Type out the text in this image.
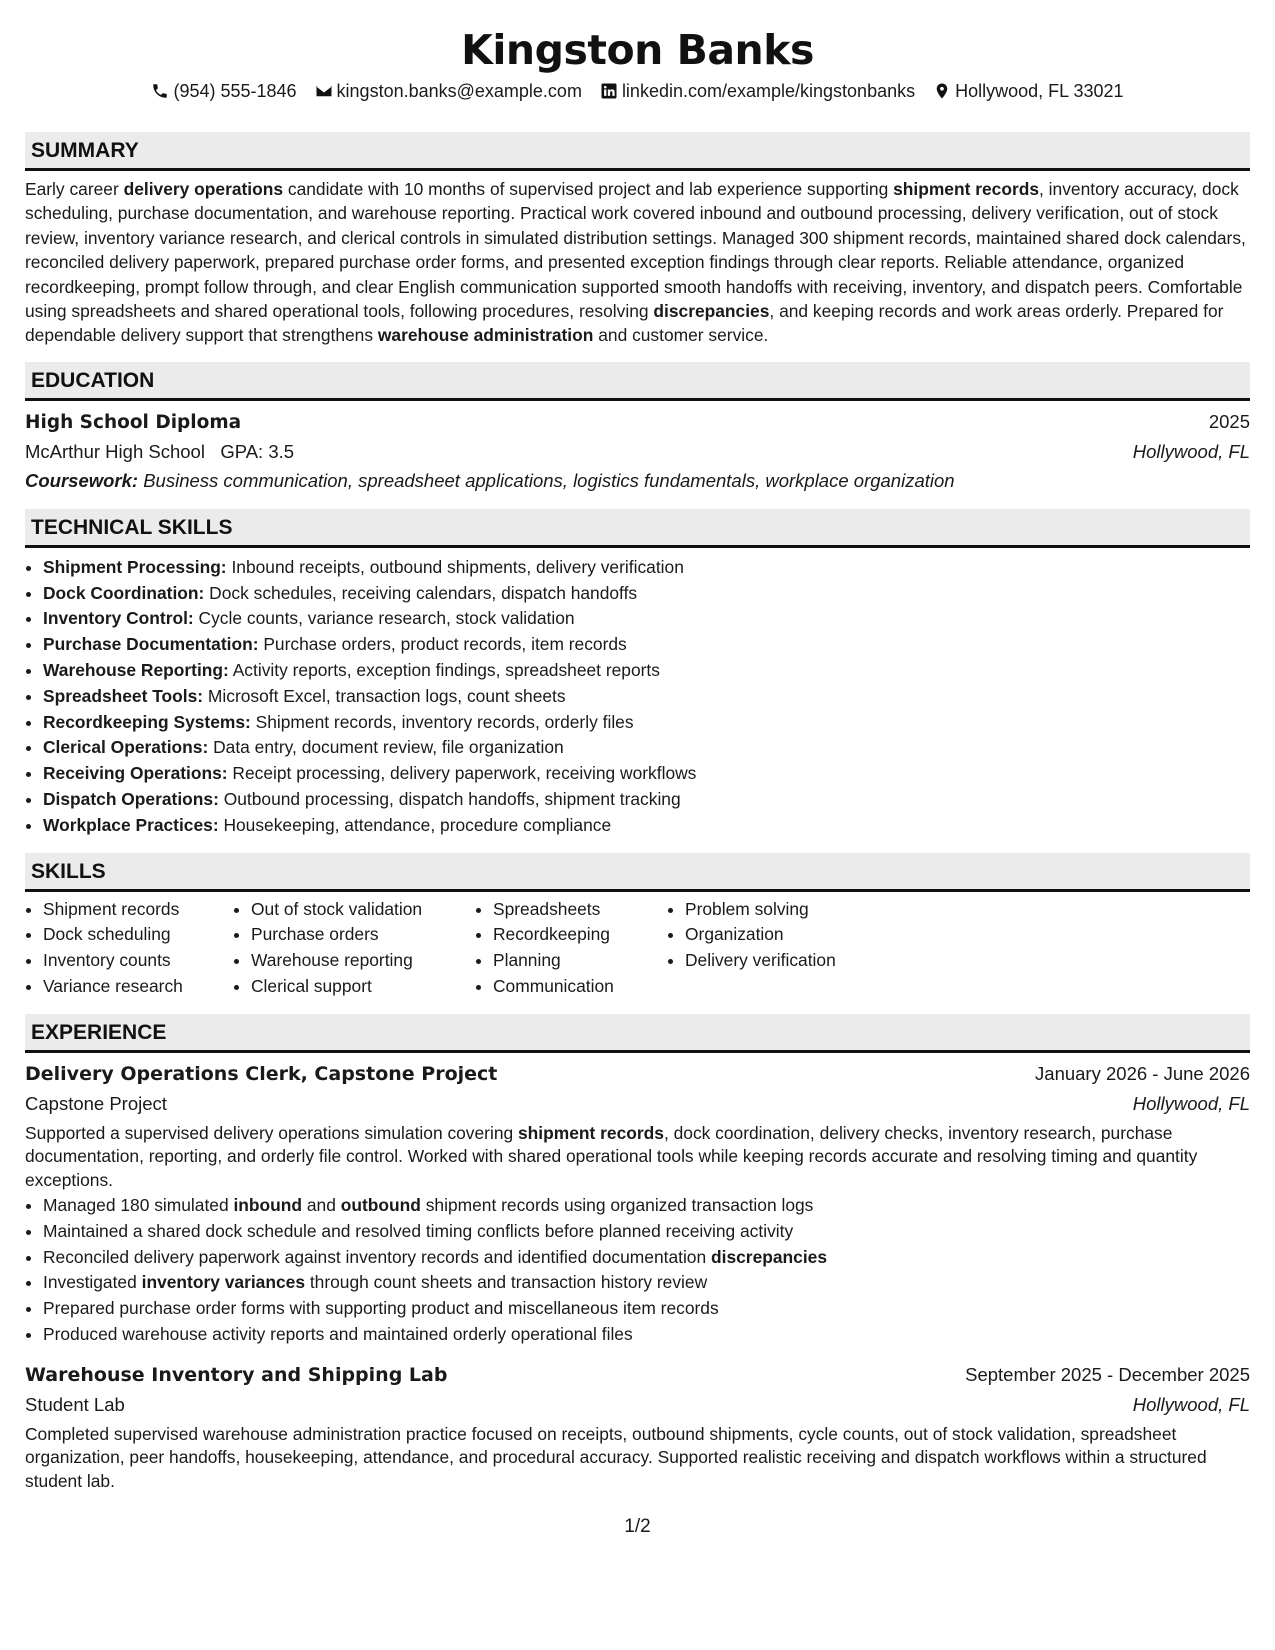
Kingston Banks
(954) 555-1846 kingston.banks@example.com linkedin.com/example/kingstonbanks Hollywood, FL 33021
SUMMARY
Early career delivery operations candidate with 10 months of supervised project and lab experience supporting shipment records, inventory accuracy, dock scheduling, purchase documentation, and warehouse reporting. Practical work covered inbound and outbound processing, delivery verification, out of stock review, inventory variance research, and clerical controls in simulated distribution settings. Managed 300 shipment records, maintained shared dock calendars, reconciled delivery paperwork, prepared purchase order forms, and presented exception findings through clear reports. Reliable attendance, organized recordkeeping, prompt follow through, and clear English communication supported smooth handoffs with receiving, inventory, and dispatch peers. Comfortable using spreadsheets and shared operational tools, following procedures, resolving discrepancies, and keeping records and work areas orderly. Prepared for dependable delivery support that strengthens warehouse administration and customer service.
EDUCATION
High School Diploma	2025
McArthur High School GPA: 3.5	Hollywood, FL
Coursework: Business communication, spreadsheet applications, logistics fundamentals, workplace organization
TECHNICAL SKILLS
• Shipment Processing: Inbound receipts, outbound shipments, delivery verification
• Dock Coordination: Dock schedules, receiving calendars, dispatch handoffs
• Inventory Control: Cycle counts, variance research, stock validation
• Purchase Documentation: Purchase orders, product records, item records
• Warehouse Reporting: Activity reports, exception findings, spreadsheet reports
• Spreadsheet Tools: Microsoft Excel, transaction logs, count sheets
• Recordkeeping Systems: Shipment records, inventory records, orderly files
• Clerical Operations: Data entry, document review, file organization
• Receiving Operations: Receipt processing, delivery paperwork, receiving workflows
• Dispatch Operations: Outbound processing, dispatch handoffs, shipment tracking
• Workplace Practices: Housekeeping, attendance, procedure compliance
SKILLS
• Shipment records
• Dock scheduling
• Inventory counts
• Variance research
• Out of stock validation
• Purchase orders
• Warehouse reporting
• Clerical support
• Spreadsheets
• Recordkeeping
• Planning
• Communication
• Problem solving
• Organization
• Delivery verification
EXPERIENCE
Delivery Operations Clerk, Capstone Project	January 2026 - June 2026
Capstone Project	Hollywood, FL
Supported a supervised delivery operations simulation covering shipment records, dock coordination, delivery checks, inventory research, purchase documentation, reporting, and orderly file control. Worked with shared operational tools while keeping records accurate and resolving timing and quantity exceptions.
• Managed 180 simulated inbound and outbound shipment records using organized transaction logs
• Maintained a shared dock schedule and resolved timing conflicts before planned receiving activity
• Reconciled delivery paperwork against inventory records and identified documentation discrepancies
• Investigated inventory variances through count sheets and transaction history review
• Prepared purchase order forms with supporting product and miscellaneous item records
• Produced warehouse activity reports and maintained orderly operational files
Warehouse Inventory and Shipping Lab	September 2025 - December 2025
Student Lab	Hollywood, FL
Completed supervised warehouse administration practice focused on receipts, outbound shipments, cycle counts, out of stock validation, spreadsheet organization, peer handoffs, housekeeping, attendance, and procedural accuracy. Supported realistic receiving and dispatch workflows within a structured student lab.
1/2
